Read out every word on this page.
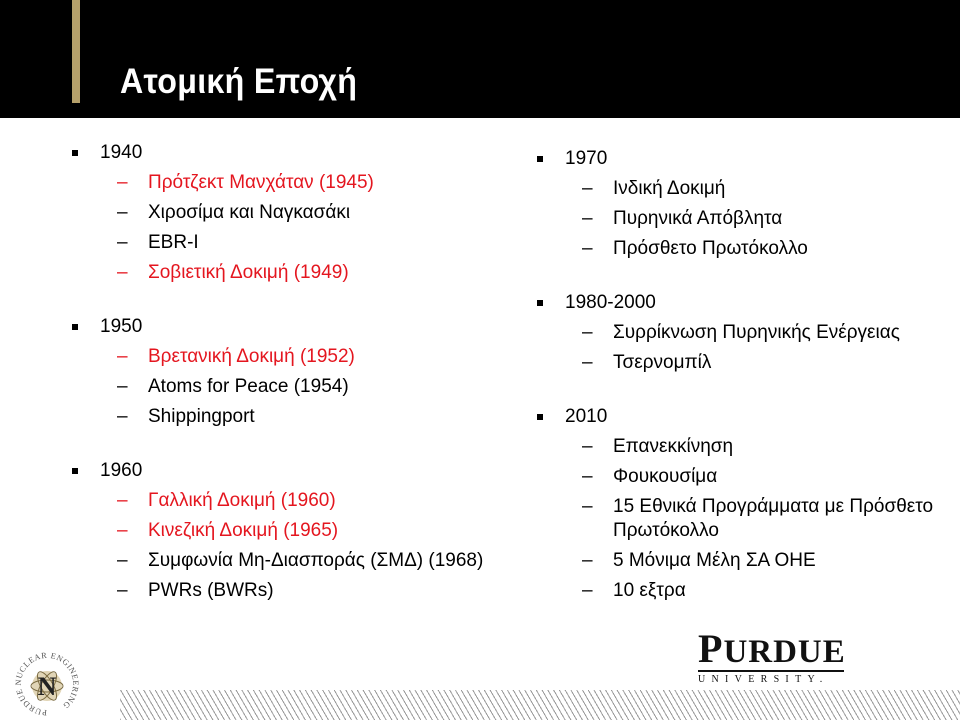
Ατομική Εποχή
1940
– Πρότζεκτ Μανχάταν (1945)
– Χιροσίμα και Ναγκασάκι
– EBR-I
– Σοβιετική Δοκιμή (1949)
1950
– Βρετανική Δοκιμή (1952)
– Atoms for Peace (1954)
– Shippingport
1960
– Γαλλική Δοκιμή (1960)
– Κινεζική Δοκιμή (1965)
– Συμφωνία Μη-Διασποράς (ΣΜΔ) (1968)
– PWRs (BWRs)
1970
– Ινδική Δοκιμή
– Πυρηνικά Απόβλητα
– Πρόσθετο Πρωτόκολλο
1980-2000
– Συρρίκνωση Πυρηνικής Ενέργειας
– Τσερνομπίλ
2010
– Επανεκκίνηση
– Φουκουσίμα
– 15 Εθνικά Προγράμματα με Πρόσθετο Πρωτόκολλο
– 5 Μόνιμα Μέλη ΣΑ ΟΗΕ
– 10 εξτρα
PURDUE NUCLEAR ENGINEERING
N
PURDUE
UNIVERSITY.
